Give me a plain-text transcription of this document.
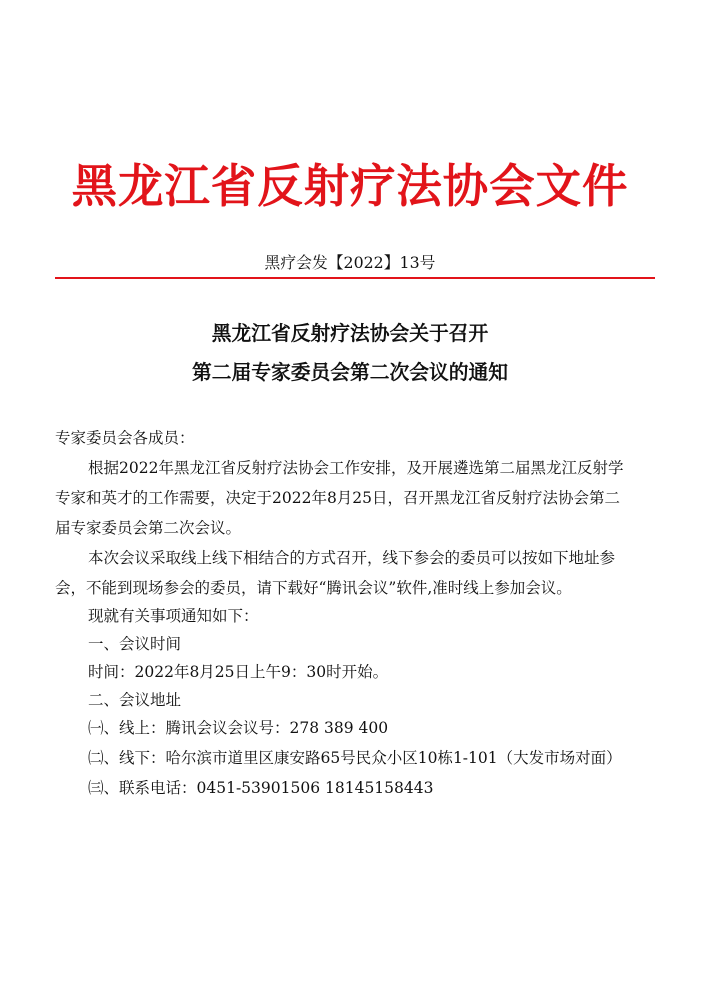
黑龙江省反射疗法协会文件
黑疗会发【2022】13号
黑龙江省反射疗法协会关于召开
第二届专家委员会第二次会议的通知
专家委员会各成员：
根据2022年黑龙江省反射疗法协会工作安排，及开展遴选第二届黑龙江反射学
专家和英才的工作需要，决定于2022年8月25日，召开黑龙江省反射疗法协会第二
届专家委员会第二次会议。
本次会议采取线上线下相结合的方式召开，线下参会的委员可以按如下地址参
会，不能到现场参会的委员，请下载好“腾讯会议”软件,准时线上参加会议。
现就有关事项通知如下：
一、会议时间
时间：2022年8月25日上午9：30时开始。
二、会议地址
㈠、线上：腾讯会议会议号：278 389 400
㈡、线下：哈尔滨市道里区康安路65号民众小区10栋1-101（大发市场对面）
㈢、联系电话：0451-53901506 18145158443
